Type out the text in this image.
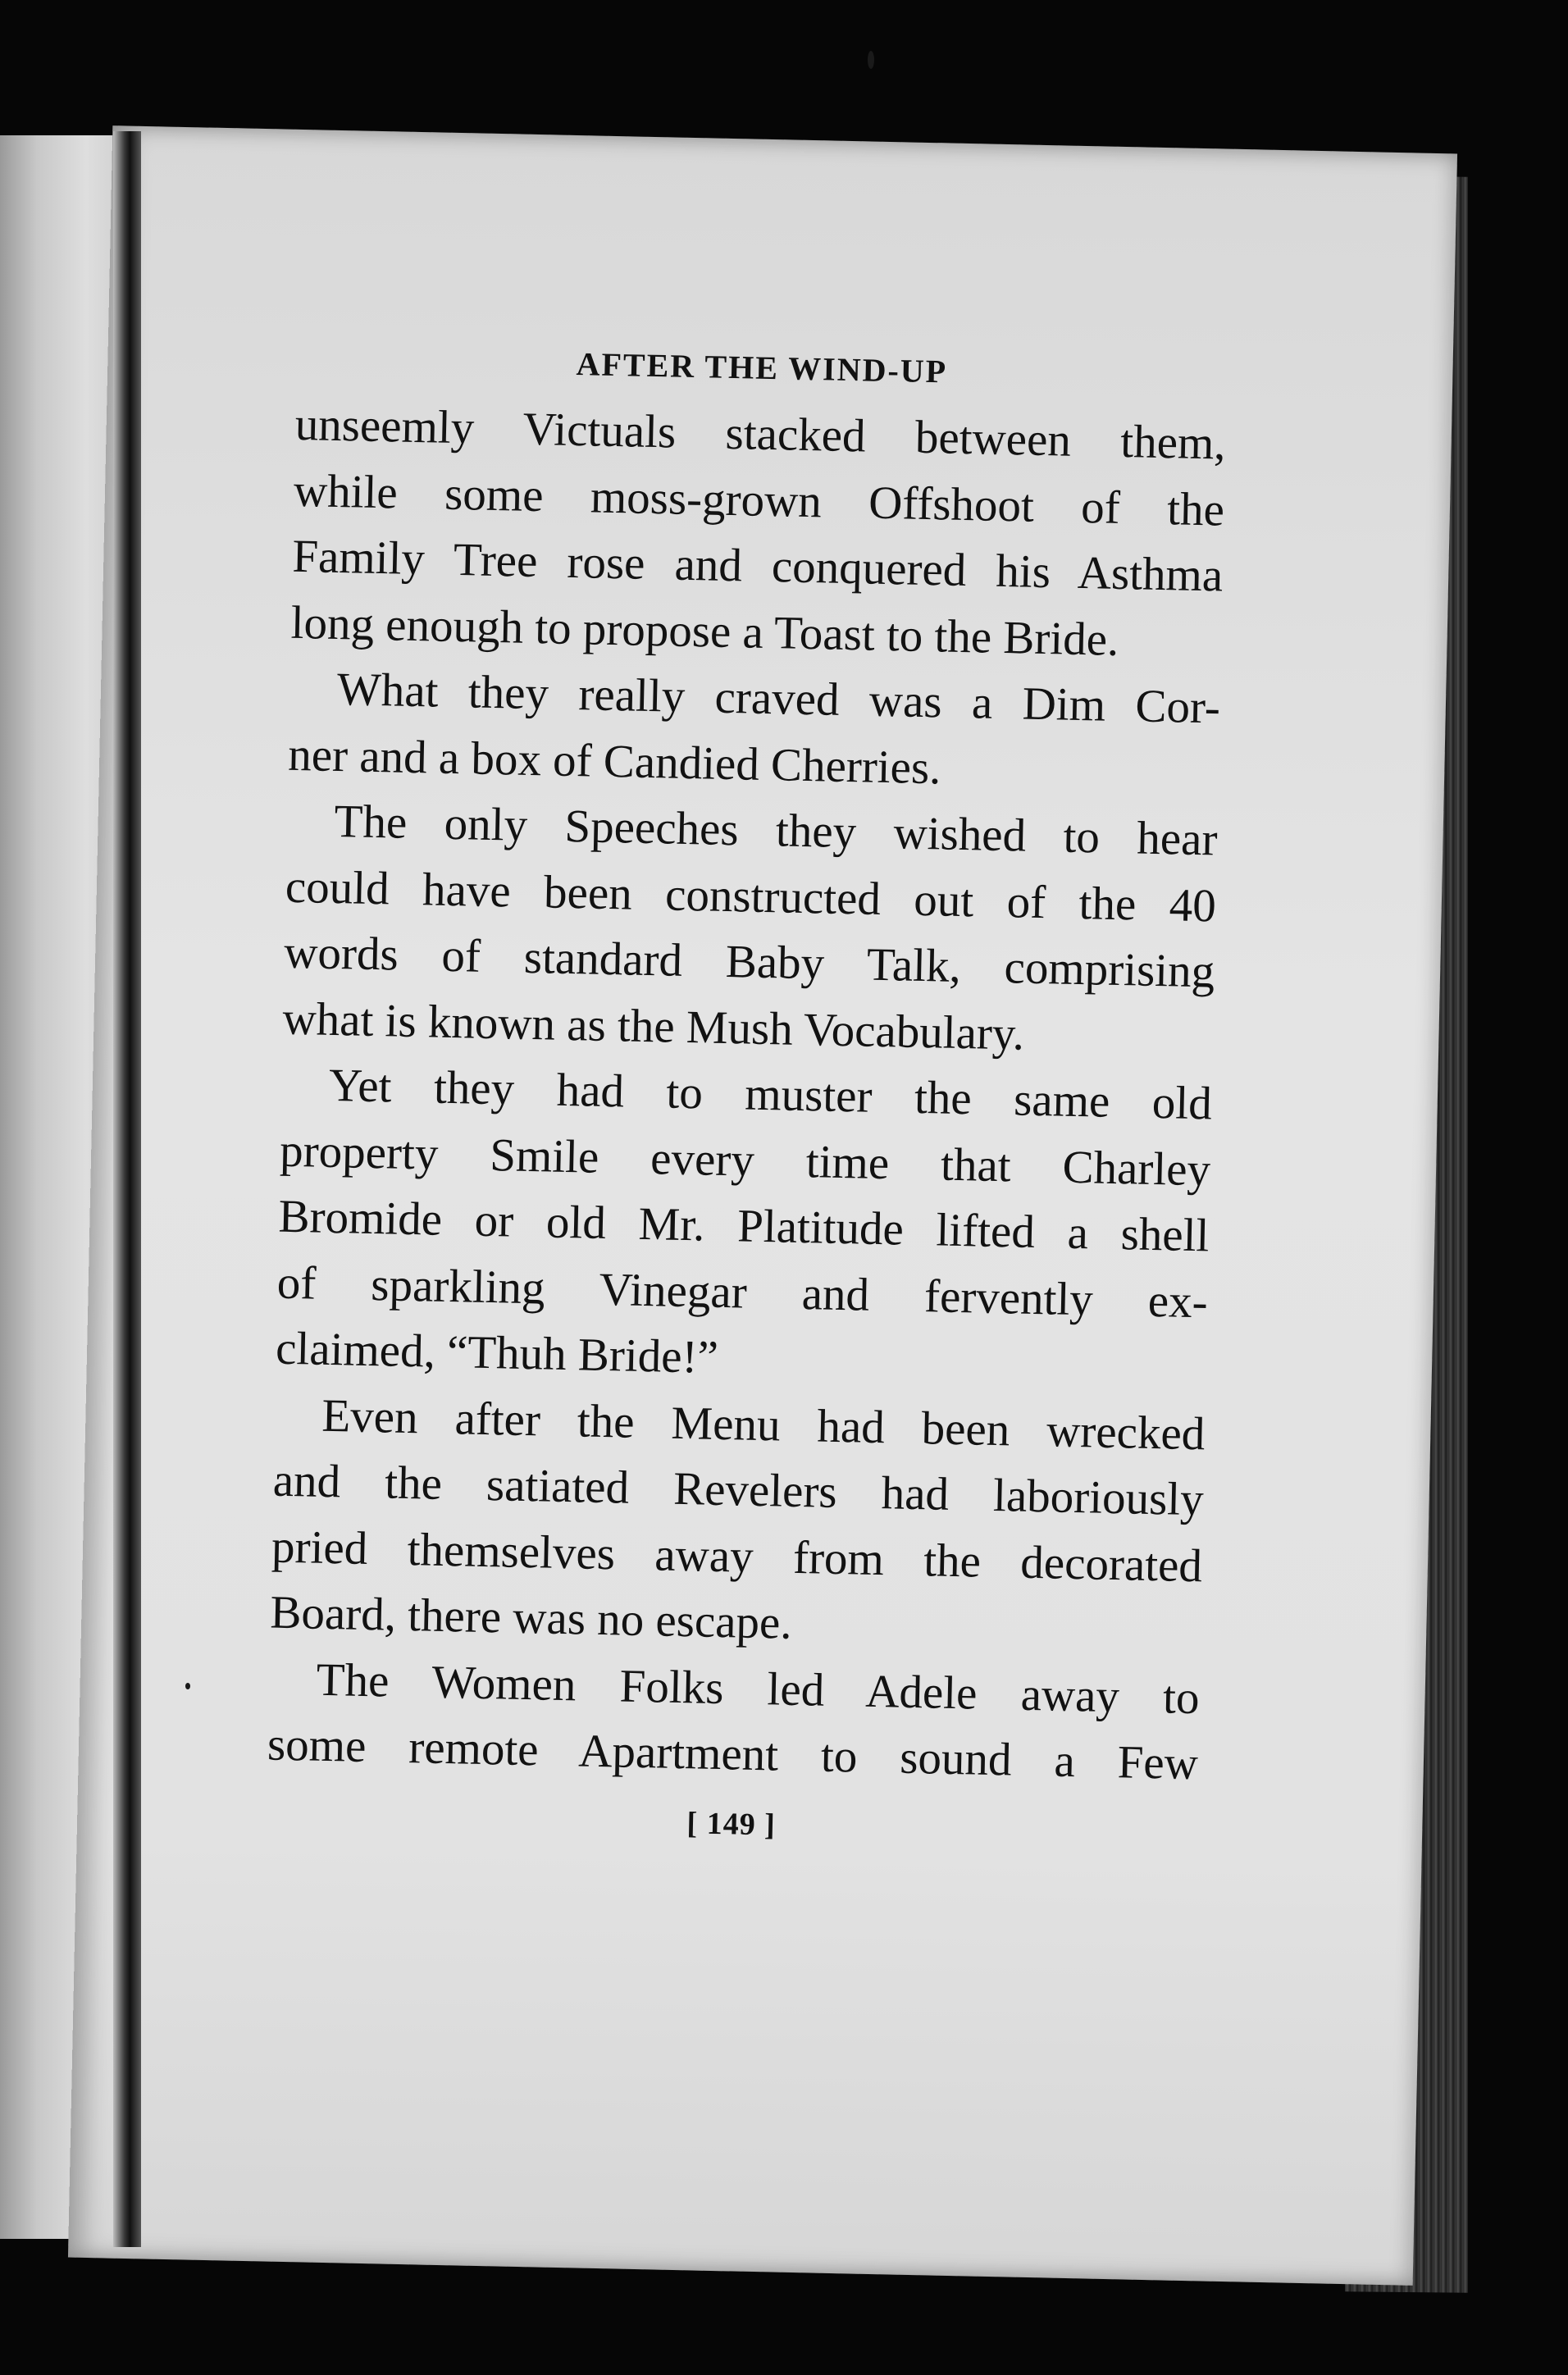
AFTER THE WIND-UP
unseemly Victuals stacked between them,
while some moss-grown Offshoot of the
Family Tree rose and conquered his Asthma
long enough to propose a Toast to the Bride.
What they really craved was a Dim Cor-
ner and a box of Candied Cherries.
The only Speeches they wished to hear
could have been constructed out of the 40
words of standard Baby Talk, comprising
what is known as the Mush Vocabulary.
Yet they had to muster the same old
property Smile every time that Charley
Bromide or old Mr. Platitude lifted a shell
of sparkling Vinegar and fervently ex-
claimed, “Thuh Bride!”
Even after the Menu had been wrecked
and the satiated Revelers had laboriously
pried themselves away from the decorated
Board, there was no escape.
The Women Folks led Adele away to
some remote Apartment to sound a Few
[ 149 ]
